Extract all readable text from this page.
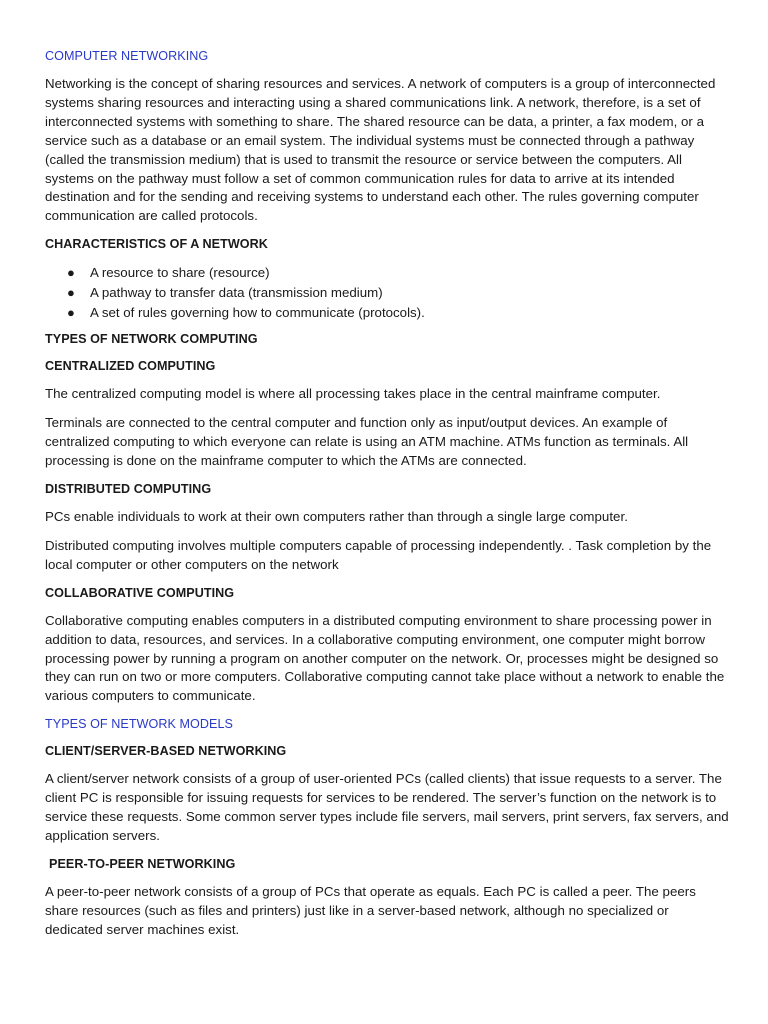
COMPUTER NETWORKING
Networking is the concept of sharing resources and services. A network of computers is a group of interconnected systems sharing resources and interacting using a shared communications link. A network, therefore, is a set of interconnected systems with something to share. The shared resource can be data, a printer, a fax modem, or a service such as a database or an email system. The individual systems must be connected through a pathway (called the transmission medium) that is used to transmit the resource or service between the computers. All systems on the pathway must follow a set of common communication rules for data to arrive at its intended destination and for the sending and receiving systems to understand each other. The rules governing computer communication are called protocols.
CHARACTERISTICS OF A NETWORK
● A resource to share (resource)
● A pathway to transfer data (transmission medium)
● A set of rules governing how to communicate (protocols).
TYPES OF NETWORK COMPUTING
CENTRALIZED COMPUTING
The centralized computing model is where all processing takes place in the central mainframe computer.
Terminals are connected to the central computer and function only as input/output devices. An example of centralized computing to which everyone can relate is using an ATM machine. ATMs function as terminals. All processing is done on the mainframe computer to which the ATMs are connected.
DISTRIBUTED COMPUTING
PCs enable individuals to work at their own computers rather than through a single large computer.
Distributed computing involves multiple computers capable of processing independently. . Task completion by the local computer or other computers on the network
COLLABORATIVE COMPUTING
Collaborative computing enables computers in a distributed computing environment to share processing power in addition to data, resources, and services. In a collaborative computing environment, one computer might borrow processing power by running a program on another computer on the network. Or, processes might be designed so they can run on two or more computers. Collaborative computing cannot take place without a network to enable the various computers to communicate.
TYPES OF NETWORK MODELS
CLIENT/SERVER-BASED NETWORKING
A client/server network consists of a group of user-oriented PCs (called clients) that issue requests to a server. The client PC is responsible for issuing requests for services to be rendered. The server’s function on the network is to service these requests. Some common server types include file servers, mail servers, print servers, fax servers, and application servers.
PEER-TO-PEER NETWORKING
A peer-to-peer network consists of a group of PCs that operate as equals. Each PC is called a peer. The peers share resources (such as files and printers) just like in a server-based network, although no specialized or dedicated server machines exist.
